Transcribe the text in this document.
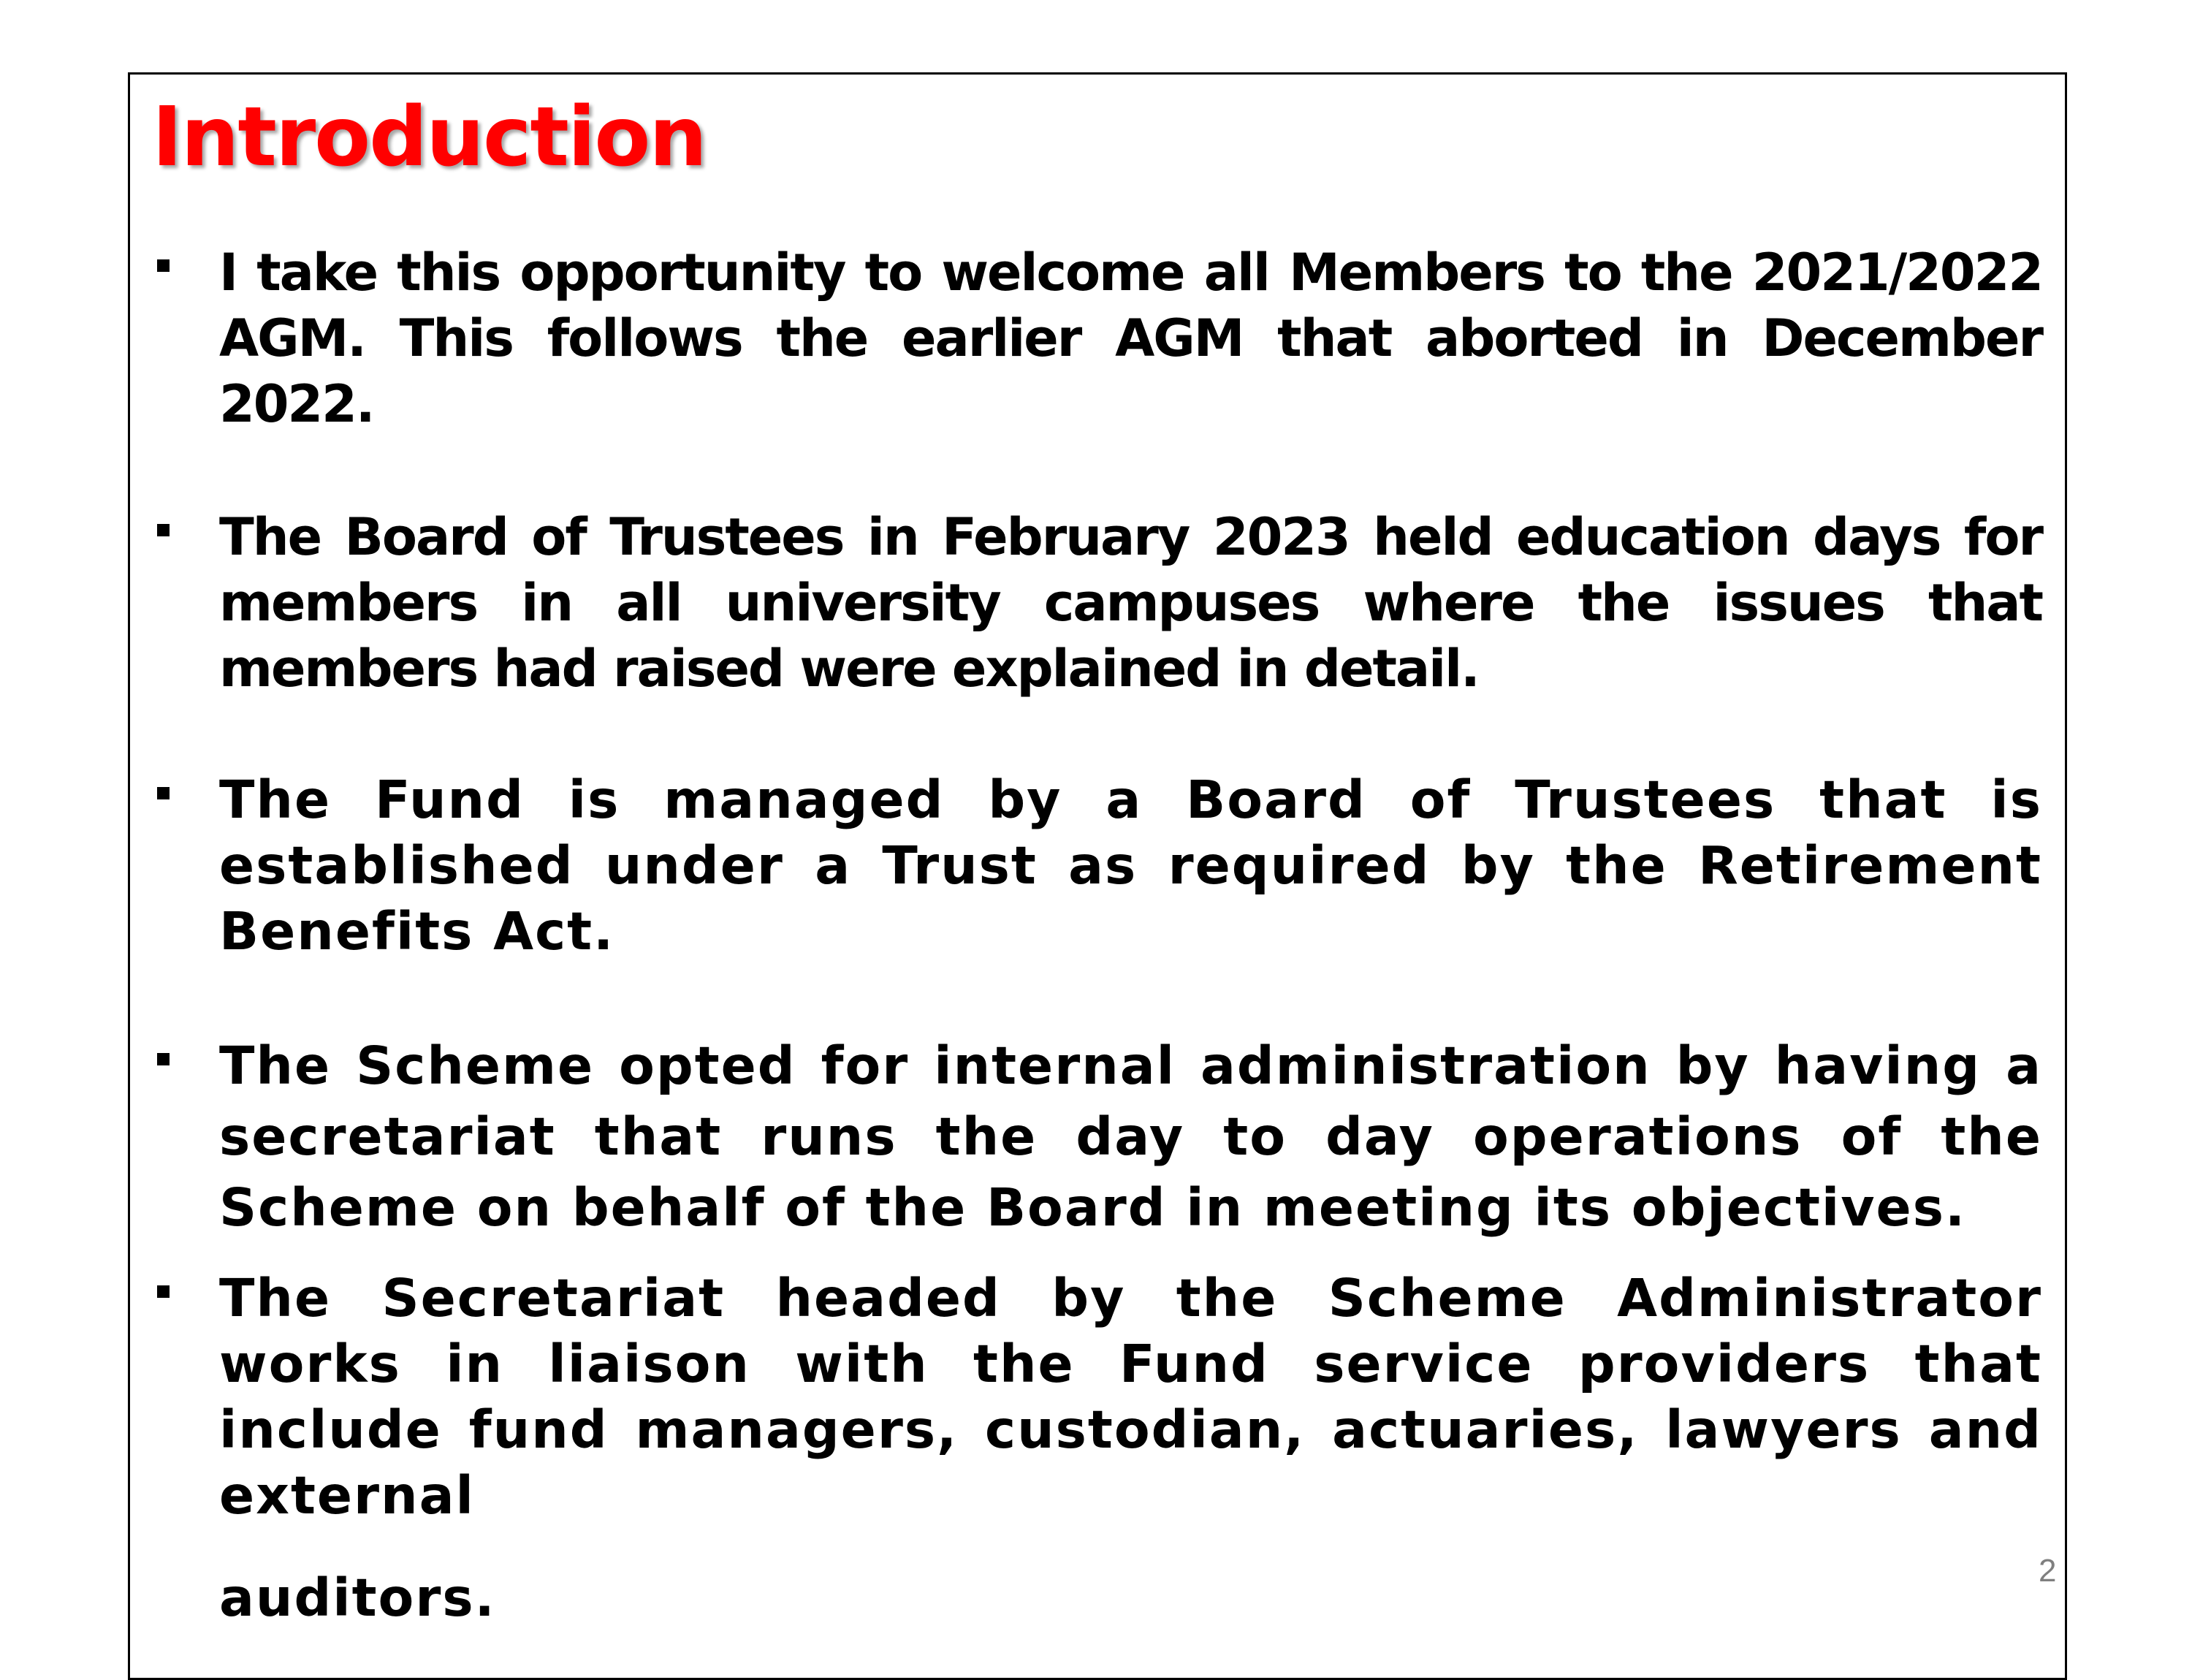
Introduction

I take this opportunity to welcome all Members to the 2021/2022 AGM. This follows the earlier AGM that aborted in December 2022.

The Board of Trustees in February 2023 held education days for members in all university campuses where the issues that members had raised were explained in detail.

The Fund is managed by a Board of Trustees that is established under a Trust as required by the Retirement Benefits Act.

The Scheme opted for internal administration by having a secretariat that runs the day to day operations of the Scheme on behalf of the Board in meeting its objectives.

The Secretariat headed by the Scheme Administrator works in liaison with the Fund service providers that include fund managers, custodian, actuaries, lawyers and external
auditors.	2
